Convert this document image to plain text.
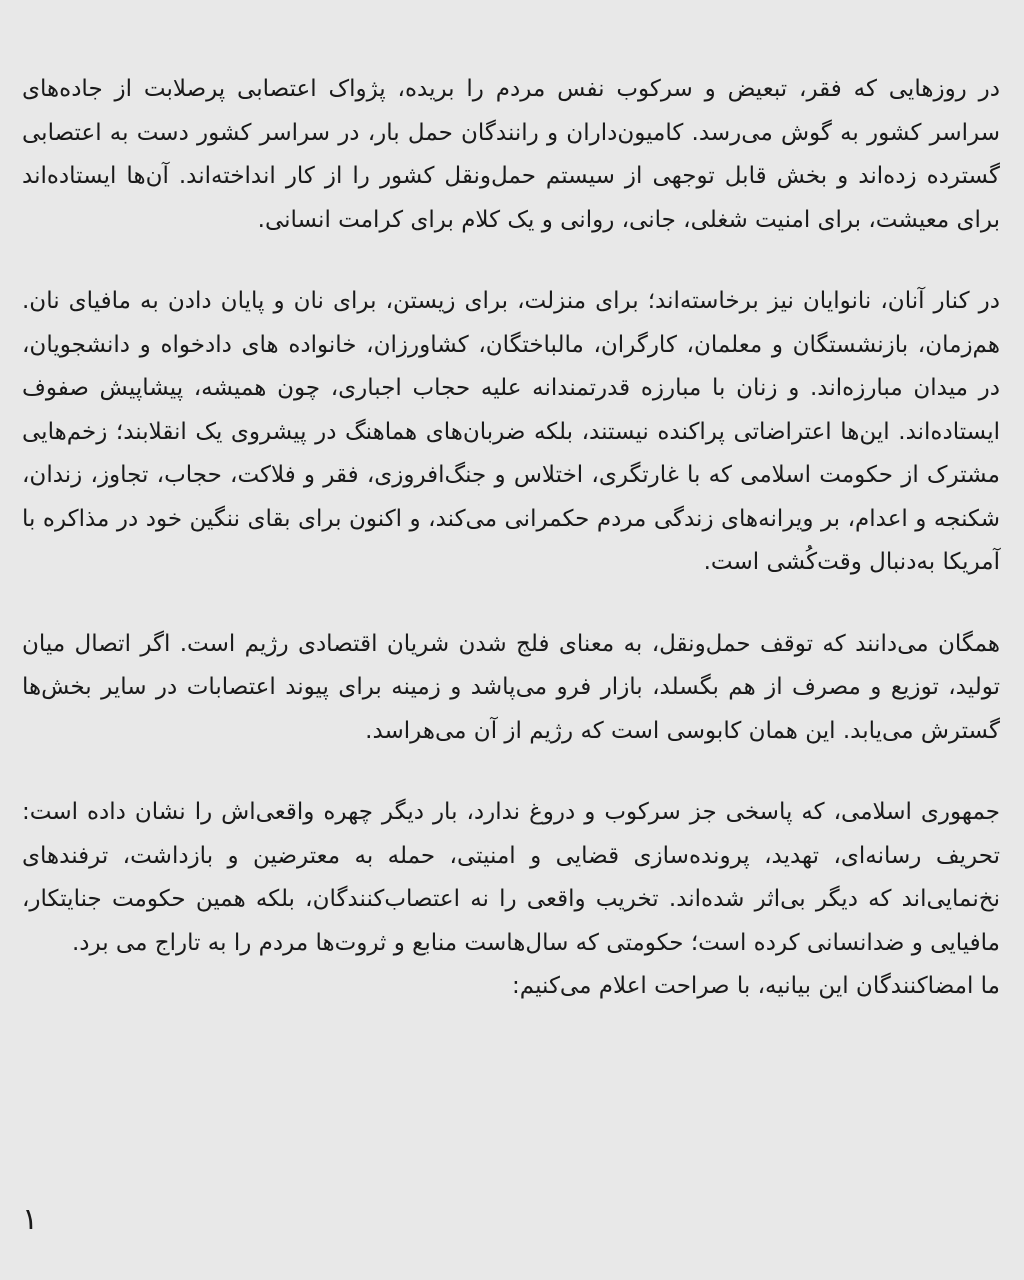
در روزهایی که فقر، تبعیض و سرکوب نفس مردم را بریده، پژواک اعتصابی پرصلابت از جاده‌های سراسر کشور به گوش می‌رسد. کامیون‌داران و رانندگان حمل بار، در سراسر کشور دست به اعتصابی گسترده زده‌اند و بخش قابل توجهی از سیستم حمل‌ونقل کشور را از کار انداخته‌اند. آن‌ها ایستاده‌اند برای معیشت، برای امنیت شغلی، جانی، روانی و یک کلام برای کرامت انسانی.

در کنار آنان، نانوایان نیز برخاسته‌اند؛ برای منزلت، برای زیستن، برای نان و پایان دادن به مافیای نان. هم‌زمان، بازنشستگان و معلمان، کارگران، مالباختگان، کشاورزان، خانواده های دادخواه و دانشجویان، در میدان مبارزه‌اند. و زنان با مبارزه قدرتمندانه علیه حجاب اجباری، چون همیشه، پیشاپیش صفوف ایستاده‌اند. این‌ها اعتراضاتی پراکنده نیستند، بلکه ضربان‌های هماهنگ در پیشروی یک انقلابند؛ زخم‌هایی مشترک از حکومت اسلامی که با غارتگری، اختلاس و جنگ‌افروزی، فقر و فلاکت، حجاب، تجاوز، زندان، شکنجه و اعدام، بر ویرانه‌های زندگی مردم حکمرانی می‌کند، و اکنون برای بقای ننگین خود در مذاکره با آمریکا به‌دنبال وقت‌کُشی است.

همگان می‌دانند که توقف حمل‌ونقل، به معنای فلج شدن شریان اقتصادی رژیم است. اگر اتصال میان تولید، توزیع و مصرف از هم بگسلد، بازار فرو می‌پاشد و زمینه برای پیوند اعتصابات در سایر بخش‌ها گسترش می‌یابد. این همان کابوسی است که رژیم از آن می‌هراسد.

جمهوری اسلامی، که پاسخی جز سرکوب و دروغ ندارد، بار دیگر چهره واقعی‌اش را نشان داده است: تحریف رسانه‌ای، تهدید، پرونده‌سازی قضایی و امنیتی، حمله به معترضین و بازداشت، ترفندهای نخ‌نمایی‌اند که دیگر بی‌اثر شده‌اند. تخریب واقعی را نه اعتصاب‌کنندگان، بلکه همین حکومت جنایتکار، مافیایی و ضدانسانی کرده است؛ حکومتی که سال‌هاست منابع و ثروت‌ها مردم را به تاراج می برد.

ما امضاکنندگان این بیانیه، با صراحت اعلام می‌کنیم:

۱
